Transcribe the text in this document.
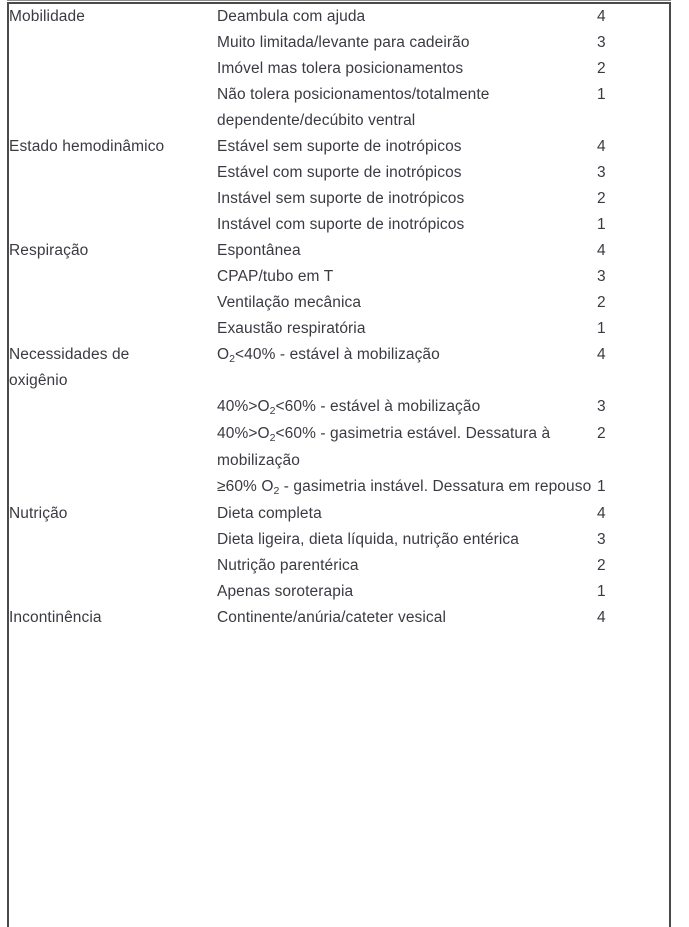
Mobilidade	Deambula com ajuda	4
	Muito limitada/levante para cadeirão	3
	Imóvel mas tolera posicionamentos	2
	Não tolera posicionamentos/totalmente dependente/decúbito ventral	1
Estado hemodinâmico	Estável sem suporte de inotrópicos	4
	Estável com suporte de inotrópicos	3
	Instável sem suporte de inotrópicos	2
	Instável com suporte de inotrópicos	1
Respiração	Espontânea	4
	CPAP/tubo em T	3
	Ventilação mecânica	2
	Exaustão respiratória	1
Necessidades de
oxigênio	$O_2<40\%$ - estável à mobilização	4
	$40\%>O_2<60\%$ - estável à mobilização	3
	$40\%>O_2<60\%$ - gasimetria estável. Dessatura à mobilização	2
	≥60% $O_2$ - gasimetria instável. Dessatura em repouso	1
Nutrição	Dieta completa	4
	Dieta ligeira, dieta líquida, nutrição entérica	3
	Nutrição parentérica	2
	Apenas soroterapia	1
Incontinência	Continente/anúria/cateter vesical	4
